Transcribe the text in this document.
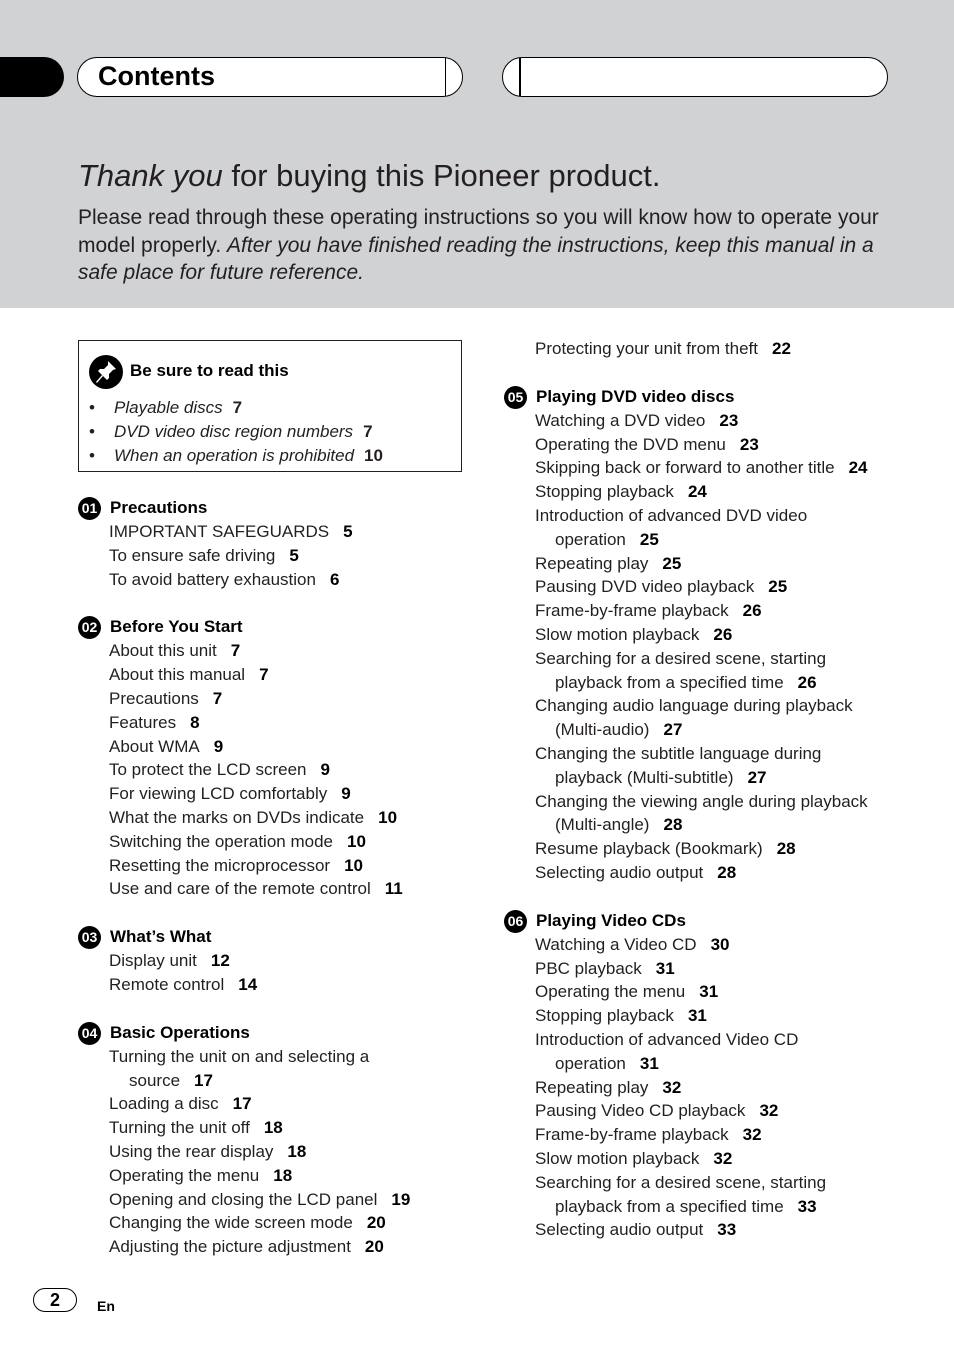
Contents
Thank you for buying this Pioneer product.
Please read through these operating instructions so you will know how to operate your model properly. After you have finished reading the instructions, keep this manual in a safe place for future reference.
Be sure to read this
• Playable discs 7
• DVD video disc region numbers 7
• When an operation is prohibited 10
01 Precautions
IMPORTANT SAFEGUARDS 5
To ensure safe driving 5
To avoid battery exhaustion 6
02 Before You Start
About this unit 7
About this manual 7
Precautions 7
Features 8
About WMA 9
To protect the LCD screen 9
For viewing LCD comfortably 9
What the marks on DVDs indicate 10
Switching the operation mode 10
Resetting the microprocessor 10
Use and care of the remote control 11
03 What’s What
Display unit 12
Remote control 14
04 Basic Operations
Turning the unit on and selecting a
source 17
Loading a disc 17
Turning the unit off 18
Using the rear display 18
Operating the menu 18
Opening and closing the LCD panel 19
Changing the wide screen mode 20
Adjusting the picture adjustment 20
Protecting your unit from theft 22
05 Playing DVD video discs
Watching a DVD video 23
Operating the DVD menu 23
Skipping back or forward to another title 24
Stopping playback 24
Introduction of advanced DVD video
operation 25
Repeating play 25
Pausing DVD video playback 25
Frame-by-frame playback 26
Slow motion playback 26
Searching for a desired scene, starting
playback from a specified time 26
Changing audio language during playback
(Multi-audio) 27
Changing the subtitle language during
playback (Multi-subtitle) 27
Changing the viewing angle during playback
(Multi-angle) 28
Resume playback (Bookmark) 28
Selecting audio output 28
06 Playing Video CDs
Watching a Video CD 30
PBC playback 31
Operating the menu 31
Stopping playback 31
Introduction of advanced Video CD
operation 31
Repeating play 32
Pausing Video CD playback 32
Frame-by-frame playback 32
Slow motion playback 32
Searching for a desired scene, starting
playback from a specified time 33
Selecting audio output 33
2	En
